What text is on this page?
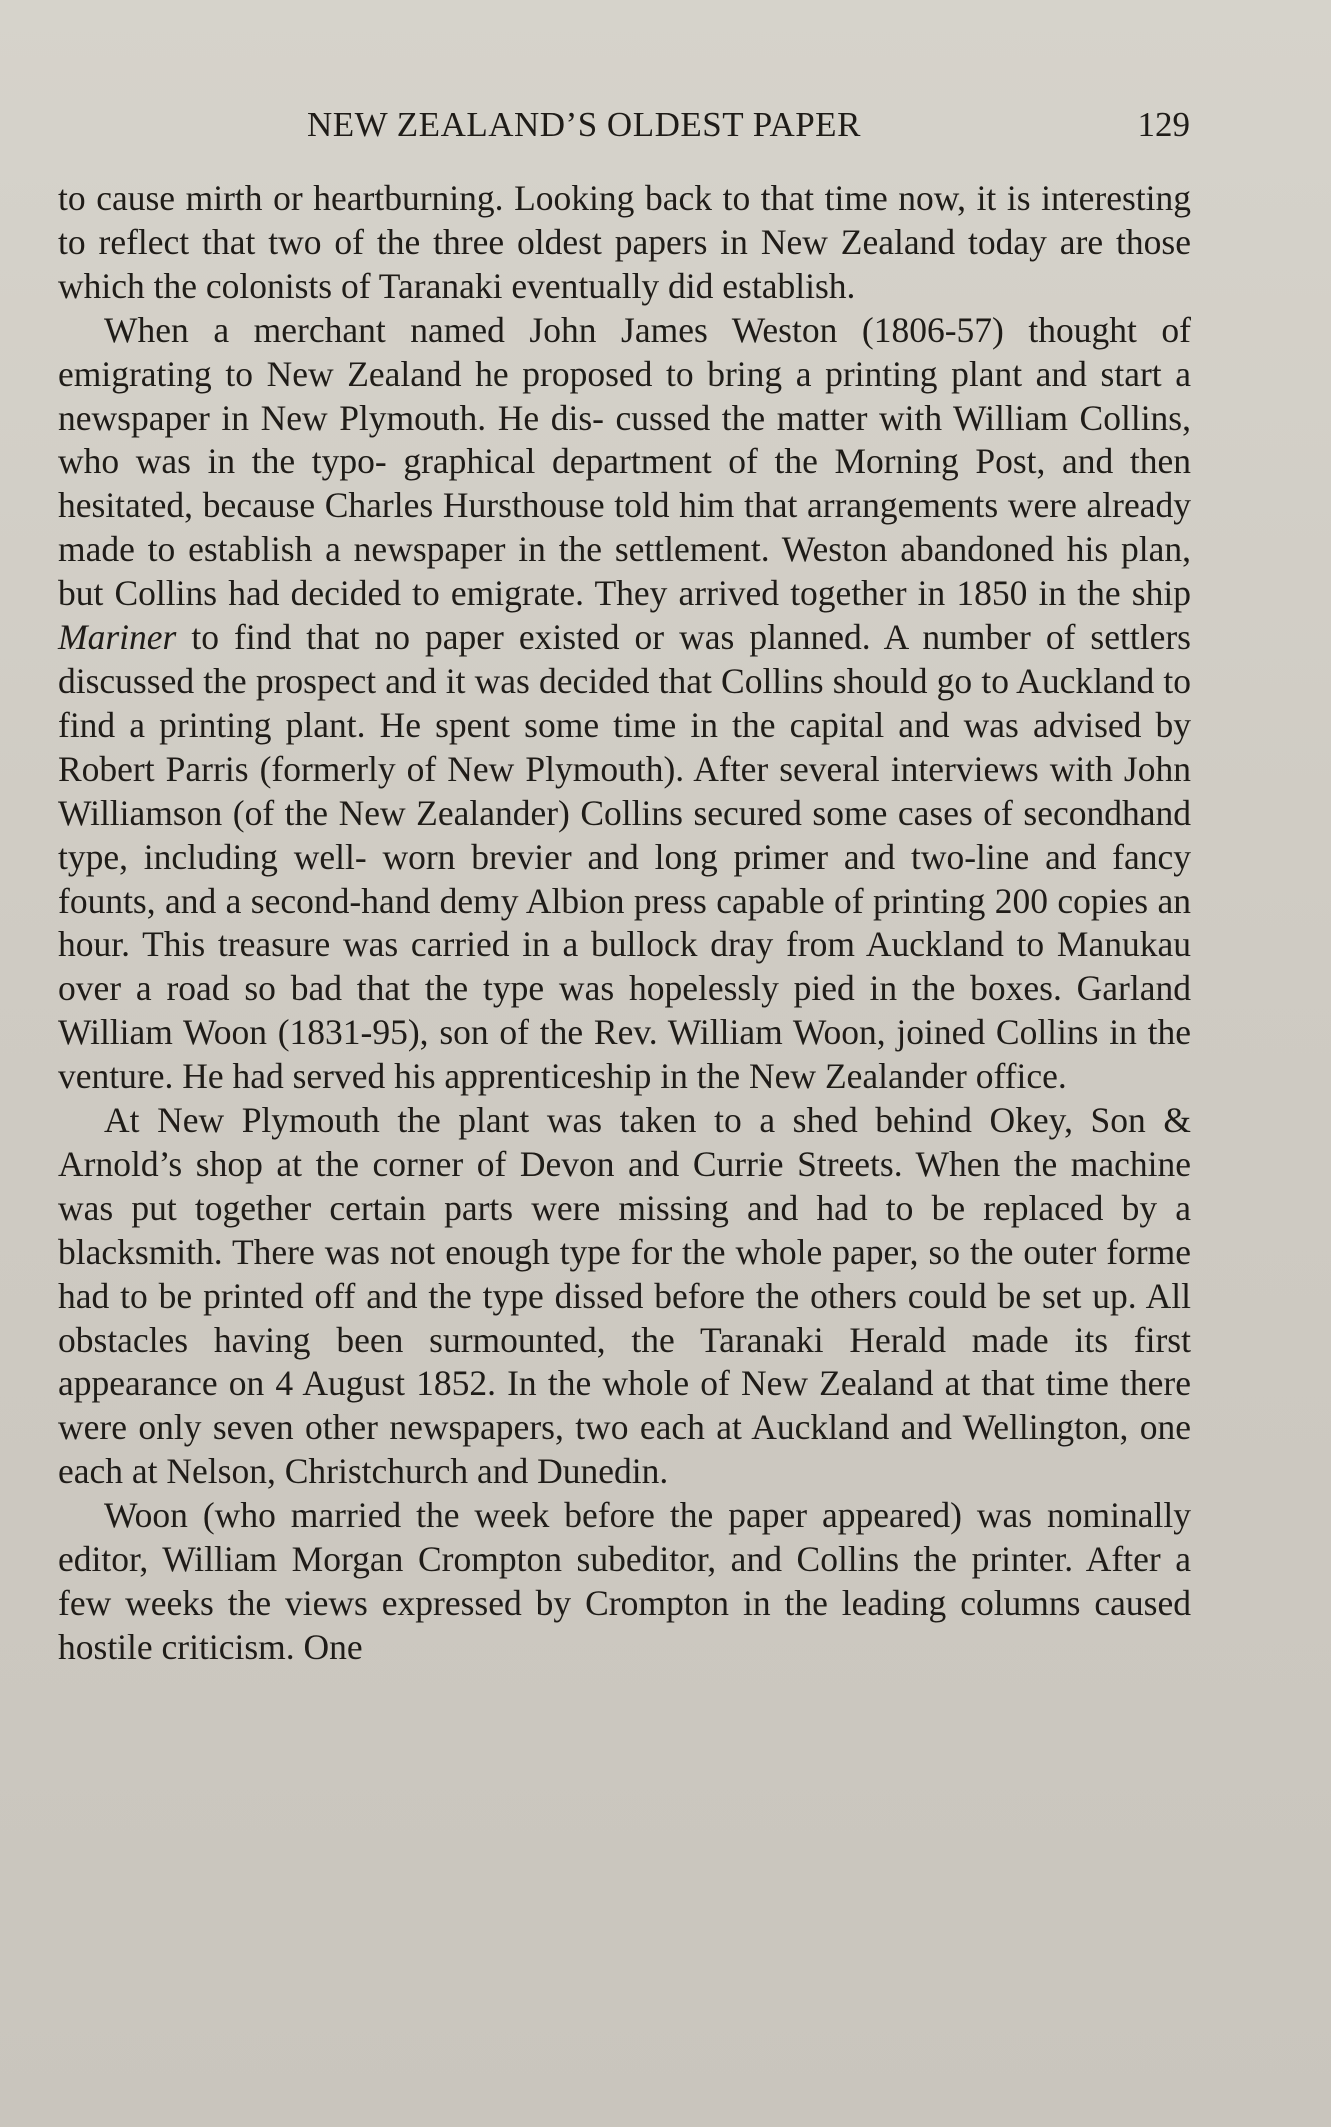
NEW ZEALAND’S OLDEST PAPER	129

to cause mirth or heartburning. Looking back to that time now, it is interesting to reflect that two of the three oldest papers in New Zealand today are those which the colonists of Taranaki eventually did establish.

When a merchant named John James Weston (1806-57) thought of emigrating to New Zealand he proposed to bring a printing plant and start a newspaper in New Plymouth. He dis- cussed the matter with William Collins, who was in the typo- graphical department of the Morning Post, and then hesitated, because Charles Hursthouse told him that arrangements were already made to establish a newspaper in the settlement. Weston abandoned his plan, but Collins had decided to emigrate. They arrived together in 1850 in the ship Mariner to find that no paper existed or was planned. A number of settlers discussed the prospect and it was decided that Collins should go to Auckland to find a printing plant. He spent some time in the capital and was advised by Robert Parris (formerly of New Plymouth). After several interviews with John Williamson (of the New Zealander) Collins secured some cases of secondhand type, including well- worn brevier and long primer and two-line and fancy founts, and a second-hand demy Albion press capable of printing 200 copies an hour. This treasure was carried in a bullock dray from Auckland to Manukau over a road so bad that the type was hopelessly pied in the boxes. Garland William Woon (1831-95), son of the Rev. William Woon, joined Collins in the venture. He had served his apprenticeship in the New Zealander office.

At New Plymouth the plant was taken to a shed behind Okey, Son & Arnold’s shop at the corner of Devon and Currie Streets. When the machine was put together certain parts were missing and had to be replaced by a blacksmith. There was not enough type for the whole paper, so the outer forme had to be printed off and the type dissed before the others could be set up. All obstacles having been surmounted, the Taranaki Herald made its first appearance on 4 August 1852. In the whole of New Zealand at that time there were only seven other newspapers, two each at Auckland and Wellington, one each at Nelson, Christchurch and Dunedin.

Woon (who married the week before the paper appeared) was nominally editor, William Morgan Crompton subeditor, and Collins the printer. After a few weeks the views expressed by Crompton in the leading columns caused hostile criticism. One
